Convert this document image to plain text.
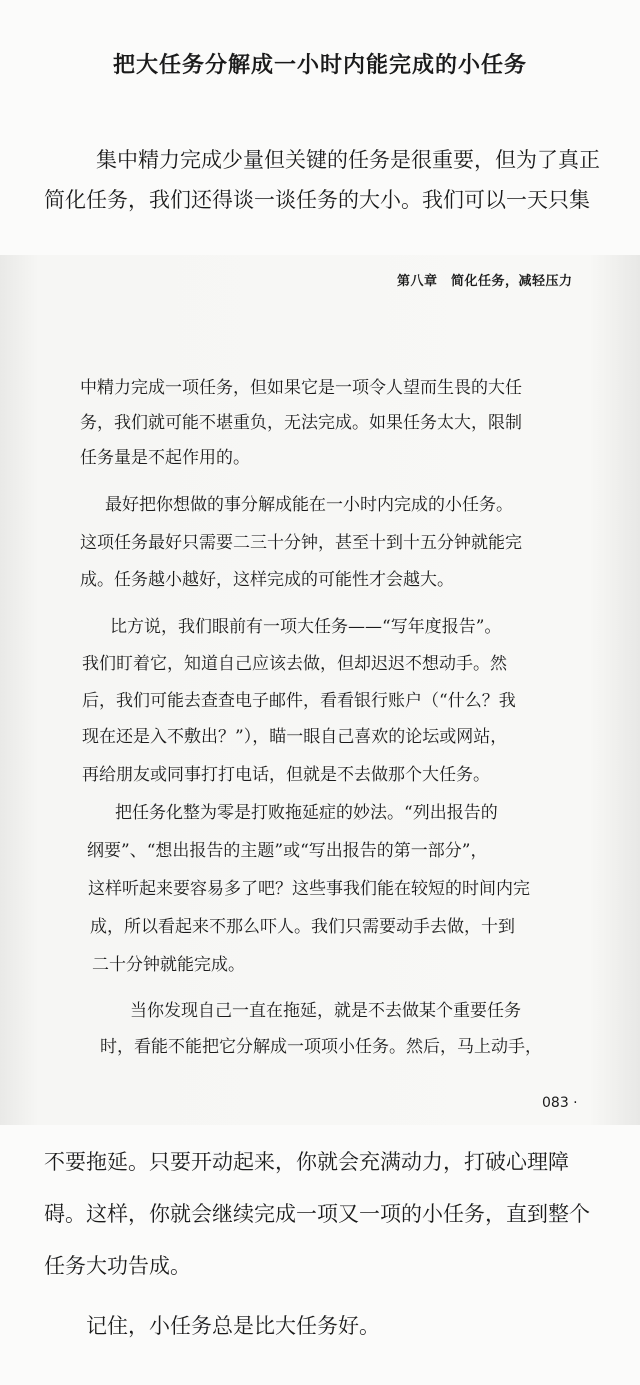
把大任务分解成一小时内能完成的小任务

集中精力完成少量但关键的任务是很重要，但为了真正

简化任务，我们还得谈一谈任务的大小。我们可以一天只集

第八章　简化任务，减轻压力

中精力完成一项任务，但如果它是一项令人望而生畏的大任

务，我们就可能不堪重负，无法完成。如果任务太大，限制

任务量是不起作用的。

最好把你想做的事分解成能在一小时内完成的小任务。

这项任务最好只需要二三十分钟，甚至十到十五分钟就能完

成。任务越小越好，这样完成的可能性才会越大。

比方说，我们眼前有一项大任务——“写年度报告”。

我们盯着它，知道自己应该去做，但却迟迟不想动手。然

后，我们可能去查查电子邮件，看看银行账户（“什么？我

现在还是入不敷出？”），瞄一眼自己喜欢的论坛或网站，

再给朋友或同事打打电话，但就是不去做那个大任务。

把任务化整为零是打败拖延症的妙法。“列出报告的

纲要”、“想出报告的主题”或“写出报告的第一部分”，

这样听起来要容易多了吧？这些事我们能在较短的时间内完

成，所以看起来不那么吓人。我们只需要动手去做，十到

二十分钟就能完成。

当你发现自己一直在拖延，就是不去做某个重要任务

时，看能不能把它分解成一项项小任务。然后，马上动手，

083 ·

不要拖延。只要开动起来，你就会充满动力，打破心理障

碍。这样，你就会继续完成一项又一项的小任务，直到整个

任务大功告成。

记住，小任务总是比大任务好。
